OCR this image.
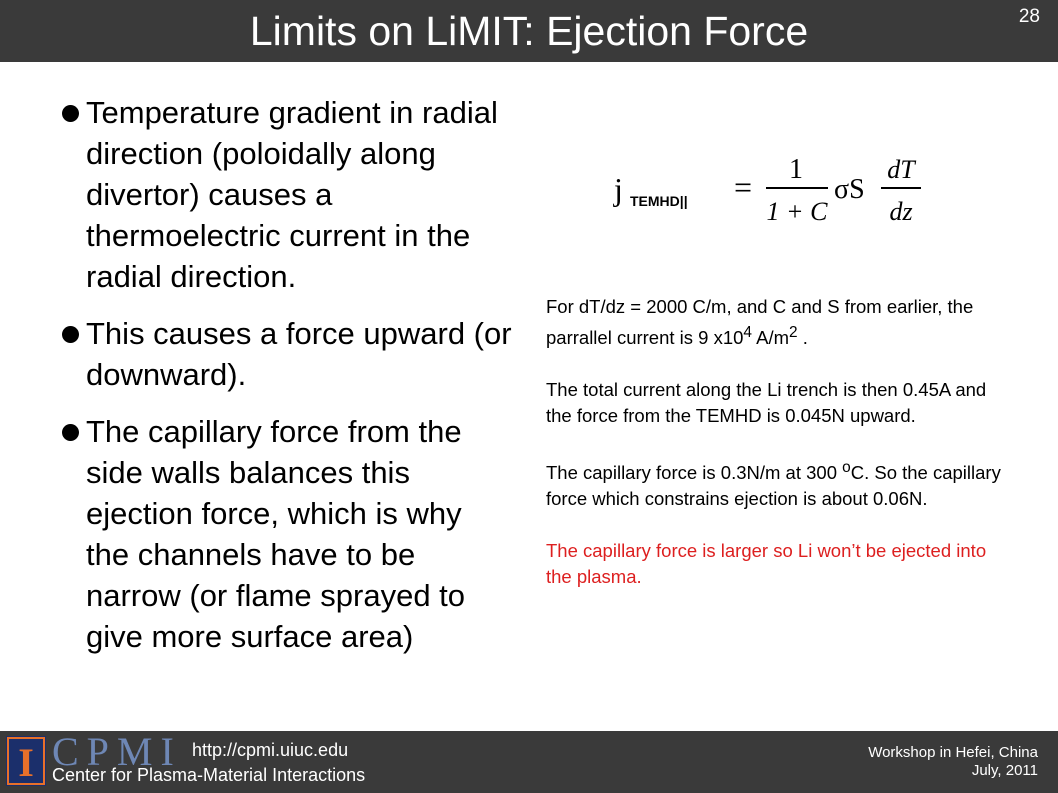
Limits on LiMIT: Ejection Force	28
Temperature gradient in radial direction (poloidally along divertor) causes a thermoelectric current in the radial direction.
This causes a force upward (or downward).
The capillary force from the side walls balances this ejection force, which is why the channels have to be narrow (or flame sprayed to give more surface area)
j TEMHD|| = 1
1 + C
σS
dT
dz

For dT/dz = 2000 C/m, and C and S from earlier, the parrallel current is 9 $x10^4$ $A/m^2$ .

The total current along the Li trench is then 0.45A and the force from the TEMHD is 0.045N upward.

The capillary force is 0.3N/m at 300 $^o$C. So the capillary force which constrains ejection is about 0.06N.

The capillary force is larger so Li won’t be ejected into the plasma.

I CPMI http://cpmi.uiuc.edu
Center for Plasma-Material Interactions
Workshop in Hefei, China
July, 2011
